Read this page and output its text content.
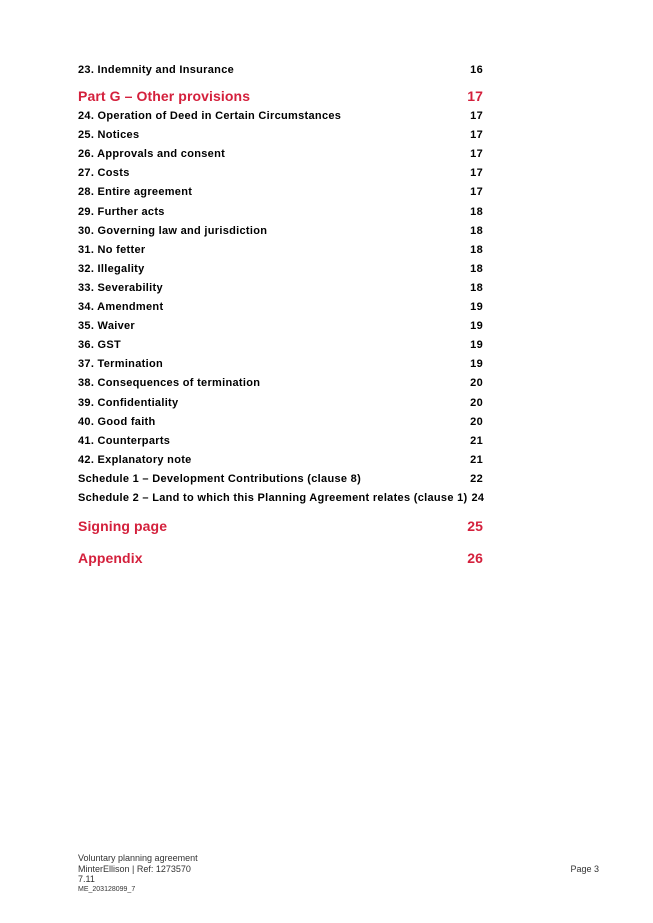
23. Indemnity and Insurance	16
Part G – Other provisions	17
24. Operation of Deed in Certain Circumstances	17
25. Notices	17
26. Approvals and consent	17
27. Costs	17
28. Entire agreement	17
29. Further acts	18
30. Governing law and jurisdiction	18
31. No fetter	18
32. Illegality	18
33. Severability	18
34. Amendment	19
35. Waiver	19
36. GST	19
37. Termination	19
38. Consequences of termination	20
39. Confidentiality	20
40. Good faith	20
41. Counterparts	21
42. Explanatory note	21
Schedule 1 – Development Contributions (clause 8)	22
Schedule 2 – Land to which this Planning Agreement relates (clause 1) 24
Signing page	25
Appendix	26
Voluntary planning agreement
MinterEllison | Ref: 1273570
7.11
ME_203128099_7
Page 3
